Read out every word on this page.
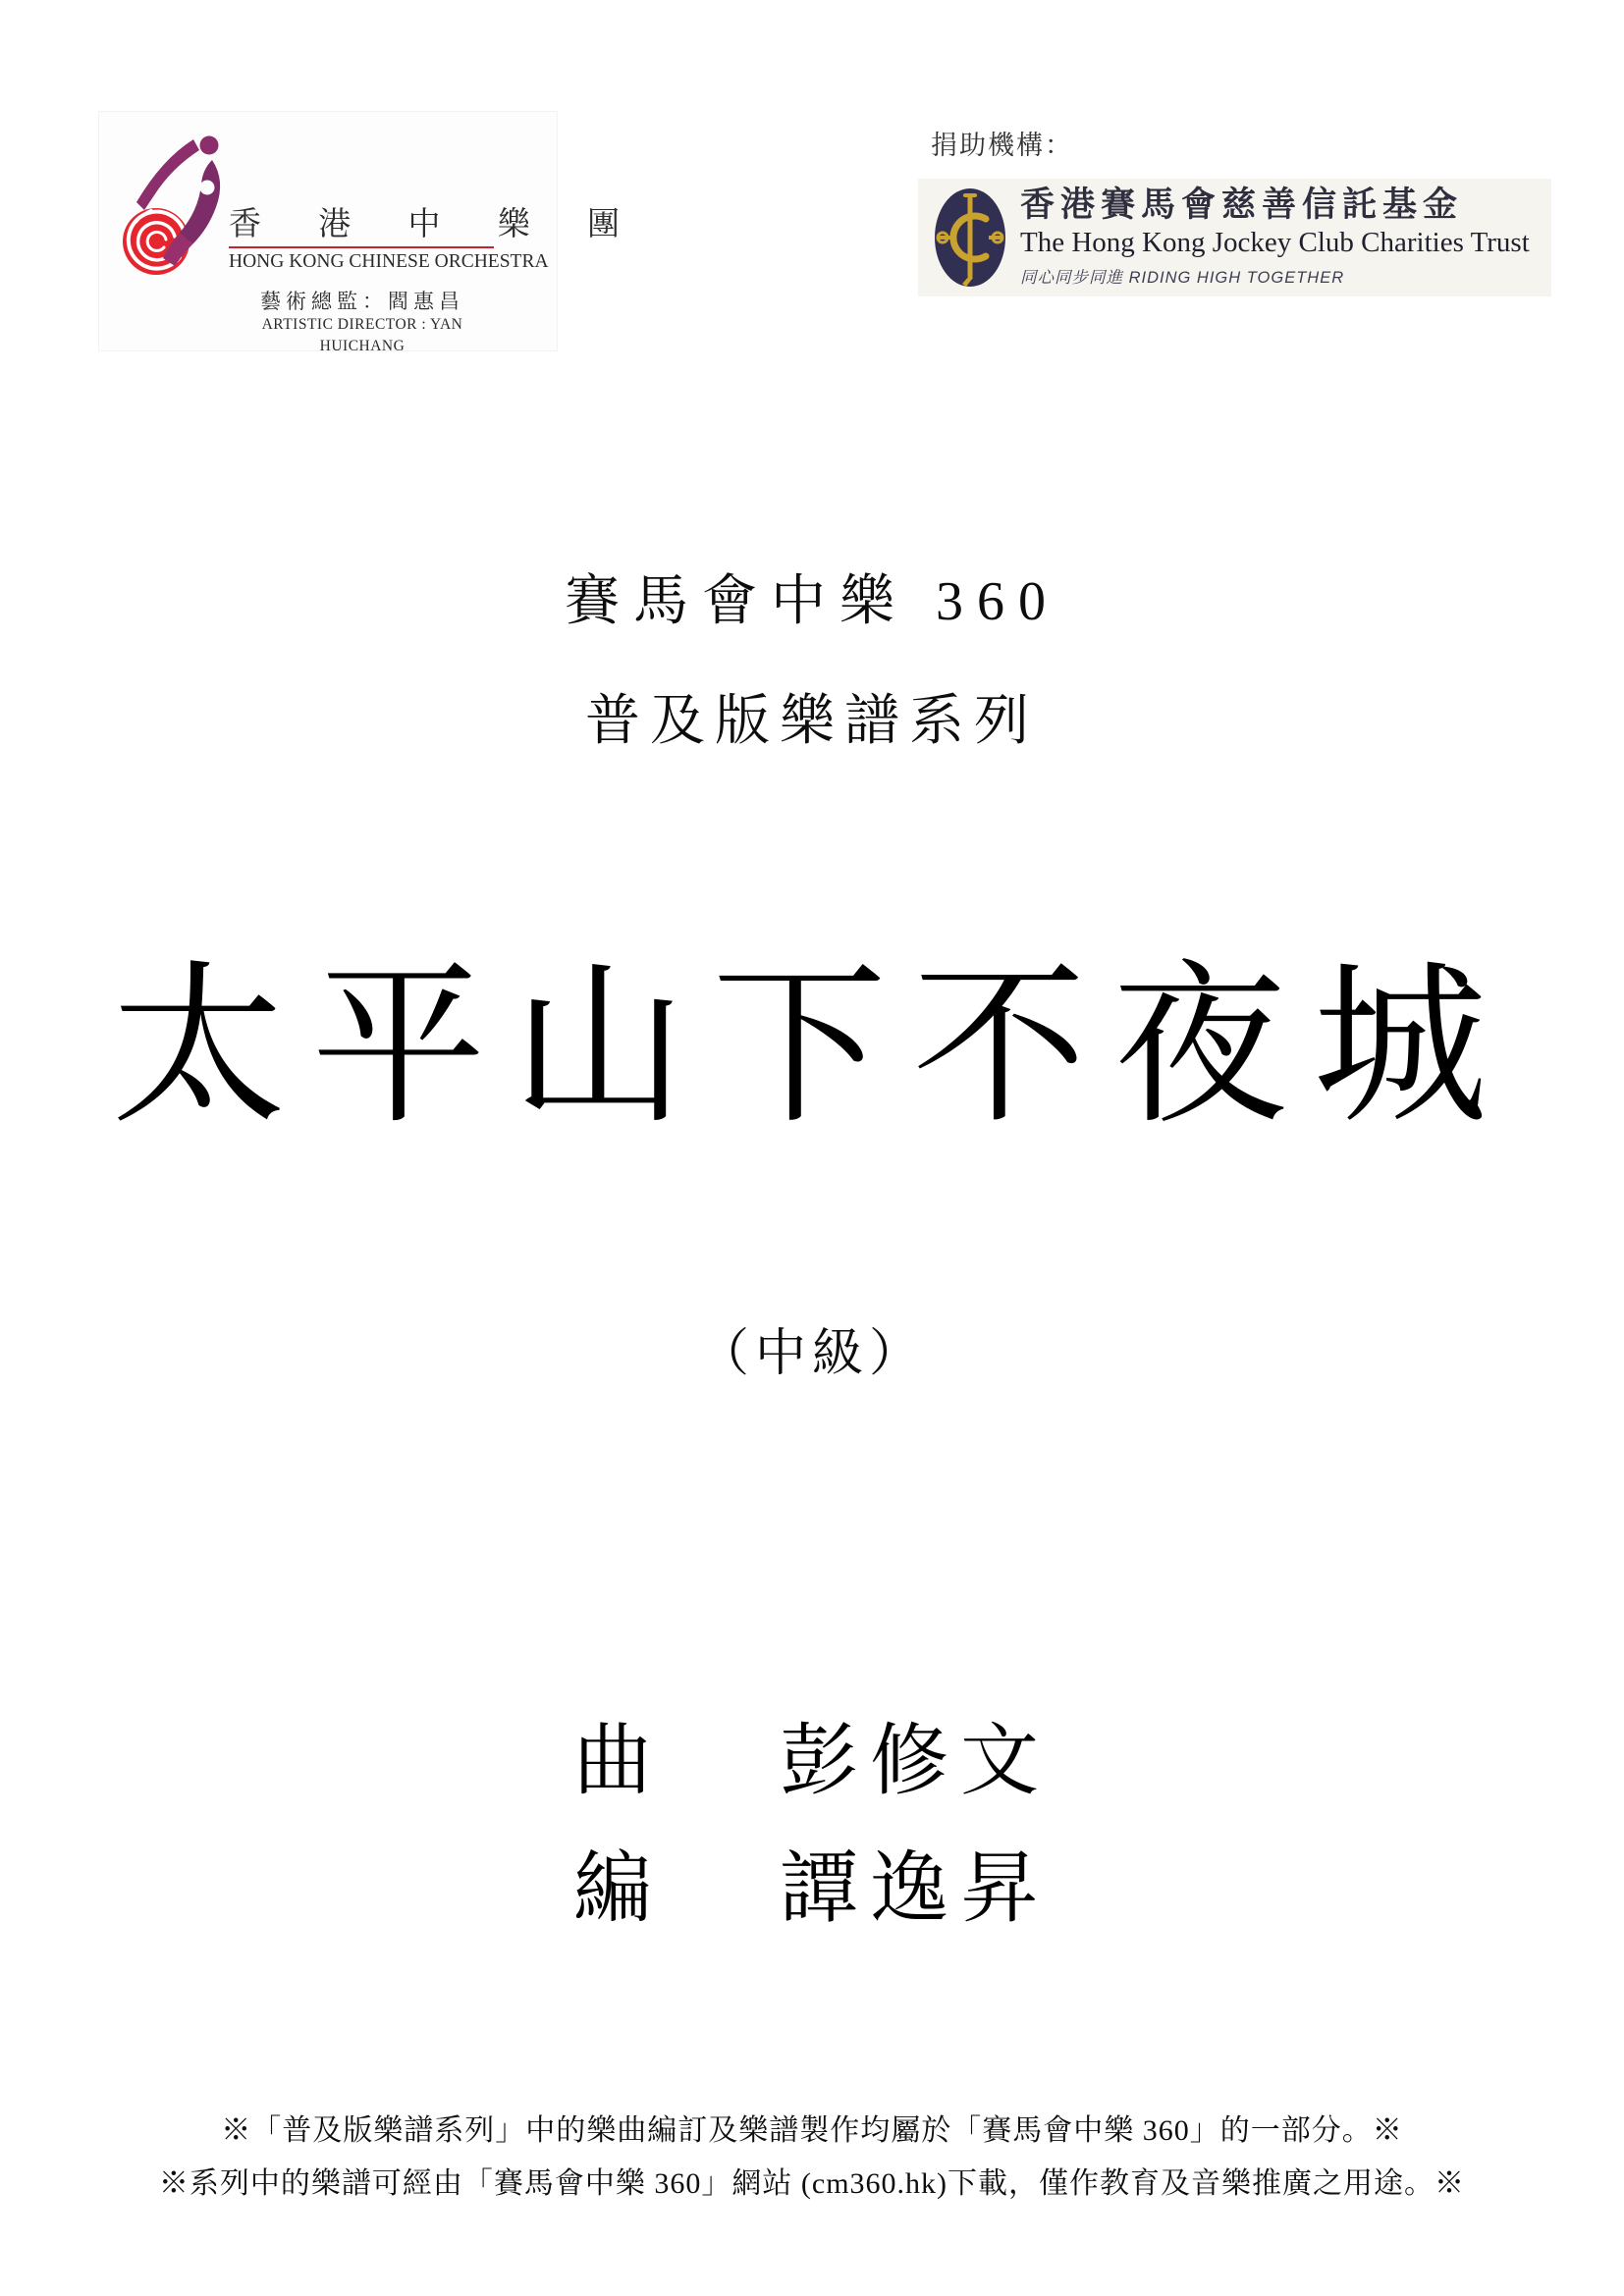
香 港 中 樂 團
HONG KONG CHINESE ORCHESTRA
藝術總監：閻惠昌
ARTISTIC DIRECTOR : YAN HUICHANG
捐助機構：
香港賽馬會慈善信託基金
The Hong Kong Jockey Club Charities Trust
同心同步同進 RIDING HIGH TOGETHER
賽馬會中樂 360
普及版樂譜系列
太平山下不夜城
（中級）
曲 彭修文
編 譚逸昇
※「普及版樂譜系列」中的樂曲編訂及樂譜製作均屬於「賽馬會中樂 360」的一部分。※
※系列中的樂譜可經由「賽馬會中樂 360」網站 (cm360.hk)下載，僅作教育及音樂推廣之用途。※
